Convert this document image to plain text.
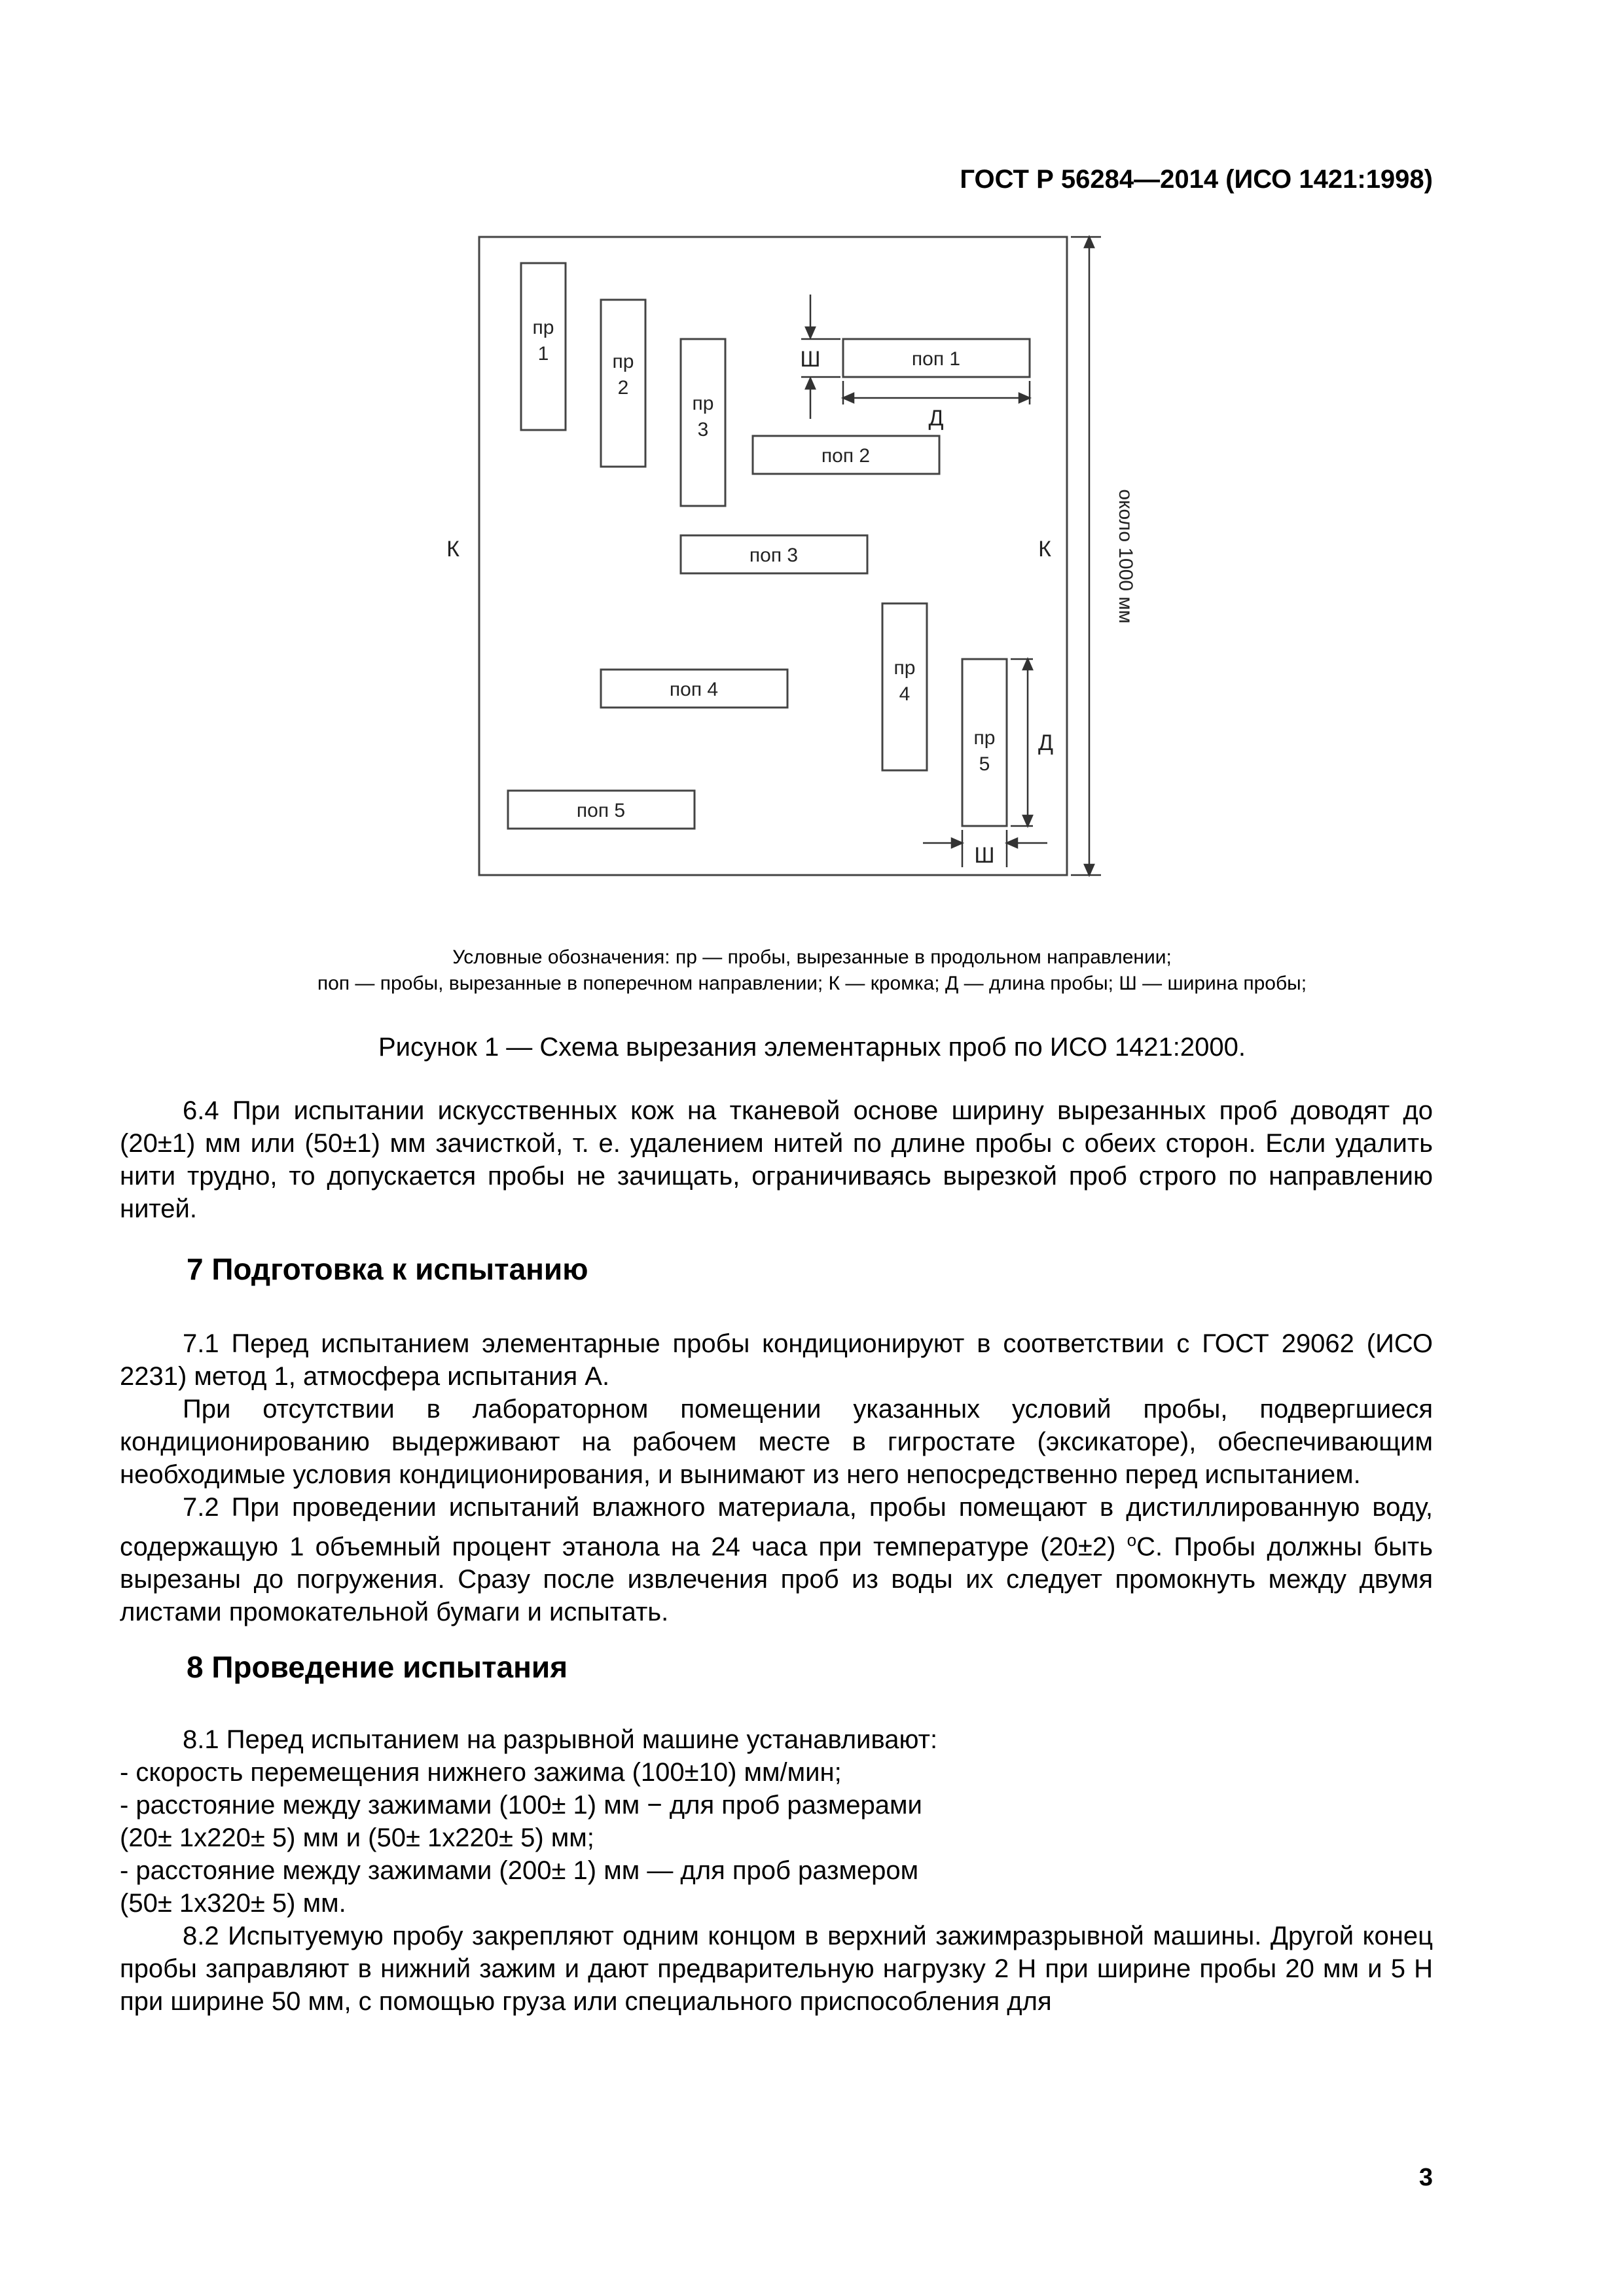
ГОСТ Р 56284—2014 (ИСО 1421:1998)
пр
1	пр
2
пр
3
пр
4
пр
5
поп 1
поп 2
поп 3
поп 4
поп 5
К	К
Ш
Д
Д
Ш
около 1000 мм
Условные обозначения: пр — пробы, вырезанные в продольном направлении;
поп — пробы, вырезанные в поперечном направлении; К — кромка; Д — длина пробы; Ш — ширина пробы;
Рисунок 1 — Схема вырезания элементарных проб по ИСО 1421:2000.

6.4 При испытании искусственных кож на тканевой основе ширину вырезанных проб доводят до (20±1) мм или (50±1) мм зачисткой, т. е. удалением нитей по длине пробы с обеих сторон. Если удалить нити трудно, то допускается пробы не зачищать, ограничиваясь вырезкой проб строго по направлению нитей.

7 Подготовка к испытанию

7.1 Перед испытанием элементарные пробы кондиционируют в соответствии с ГОСТ 29062 (ИСО 2231) метод 1, атмосфера испытания А.

При отсутствии в лабораторном помещении указанных условий пробы, подвергшиеся кондиционированию выдерживают на рабочем месте в гигростате (эксикаторе), обеспечивающим необходимые условия кондиционирования, и вынимают из него непосредственно перед испытанием.

7.2 При проведении испытаний влажного материала, пробы помещают в дистиллированную воду, содержащую 1 объемный процент этанола на 24 часа при температуре (20±2) $^o$С. Пробы должны быть вырезаны до погружения. Сразу после извлечения проб из воды их следует промокнуть между двумя листами промокательной бумаги и испытать.

8 Проведение испытания

8.1 Перед испытанием на разрывной машине устанавливают:

- скорость перемещения нижнего зажима (100±10) мм/мин;

- расстояние между зажимами (100± 1) мм − для проб размерами

(20± 1х220± 5) мм и (50± 1х220± 5) мм;

- расстояние между зажимами (200± 1) мм — для проб размером

(50± 1х320± 5) мм.

8.2 Испытуемую пробу закрепляют одним концом в верхний зажимразрывной машины. Другой конец пробы заправляют в нижний зажим и дают предварительную нагрузку 2 Н при ширине пробы 20 мм и 5 Н при ширине 50 мм, с помощью груза или специального приспособления для

3
